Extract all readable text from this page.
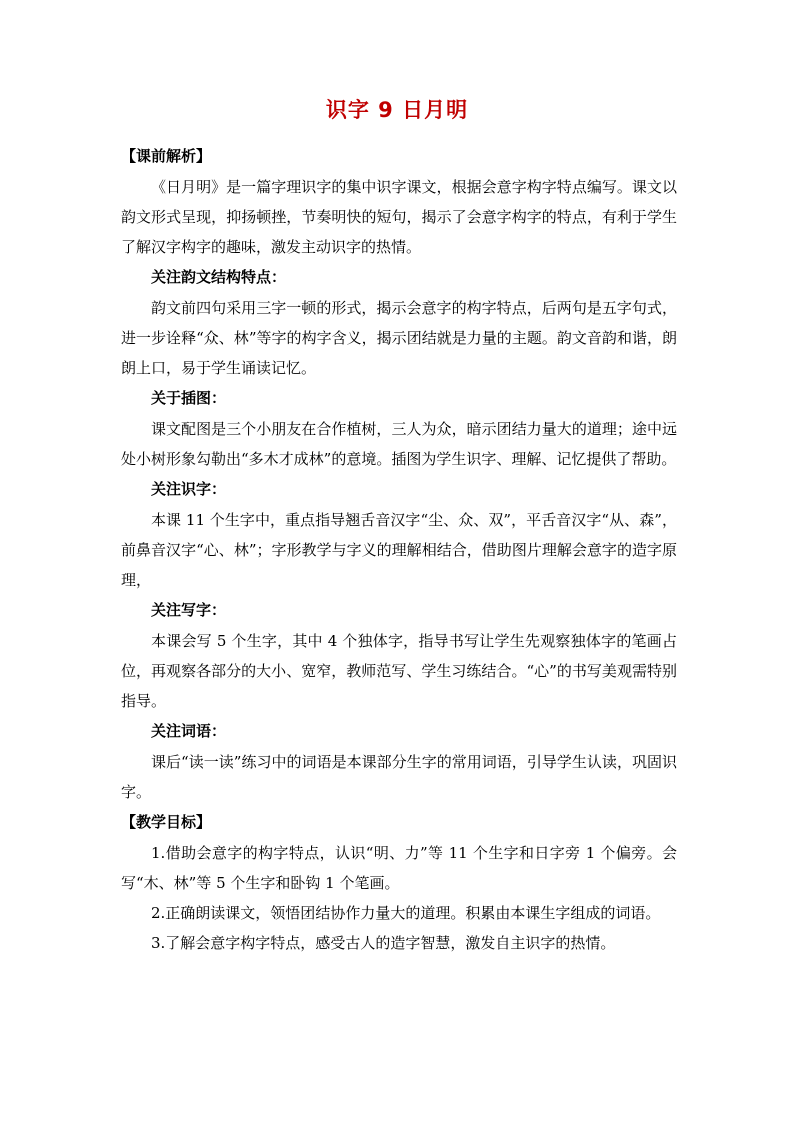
识字 9 日月明

【课前解析】

《日月明》是一篇字理识字的集中识字课文，根据会意字构字特点编写。课文以韵文形式呈现，抑扬顿挫，节奏明快的短句，揭示了会意字构字的特点，有利于学生了解汉字构字的趣味，激发主动识字的热情。

关注韵文结构特点：

韵文前四句采用三字一顿的形式，揭示会意字的构字特点，后两句是五字句式，进一步诠释“众、林”等字的构字含义，揭示团结就是力量的主题。韵文音韵和谐，朗朗上口，易于学生诵读记忆。

关于插图：

课文配图是三个小朋友在合作植树，三人为众，暗示团结力量大的道理；途中远处小树形象勾勒出“多木才成林”的意境。插图为学生识字、理解、记忆提供了帮助。

关注识字：

本课 11 个生字中，重点指导翘舌音汉字“尘、众、双”，平舌音汉字“从、森”，前鼻音汉字“心、林”；字形教学与字义的理解相结合，借助图片理解会意字的造字原理，

关注写字：

本课会写 5 个生字，其中 4 个独体字，指导书写让学生先观察独体字的笔画占位，再观察各部分的大小、宽窄，教师范写、学生习练结合。“心”的书写美观需特别指导。

关注词语：

课后“读一读”练习中的词语是本课部分生字的常用词语，引导学生认读，巩固识字。

【教学目标】

1.借助会意字的构字特点，认识“明、力”等 11 个生字和日字旁 1 个偏旁。会写“木、林”等 5 个生字和卧钩 1 个笔画。

2.正确朗读课文，领悟团结协作力量大的道理。积累由本课生字组成的词语。

3.了解会意字构字特点，感受古人的造字智慧，激发自主识字的热情。
